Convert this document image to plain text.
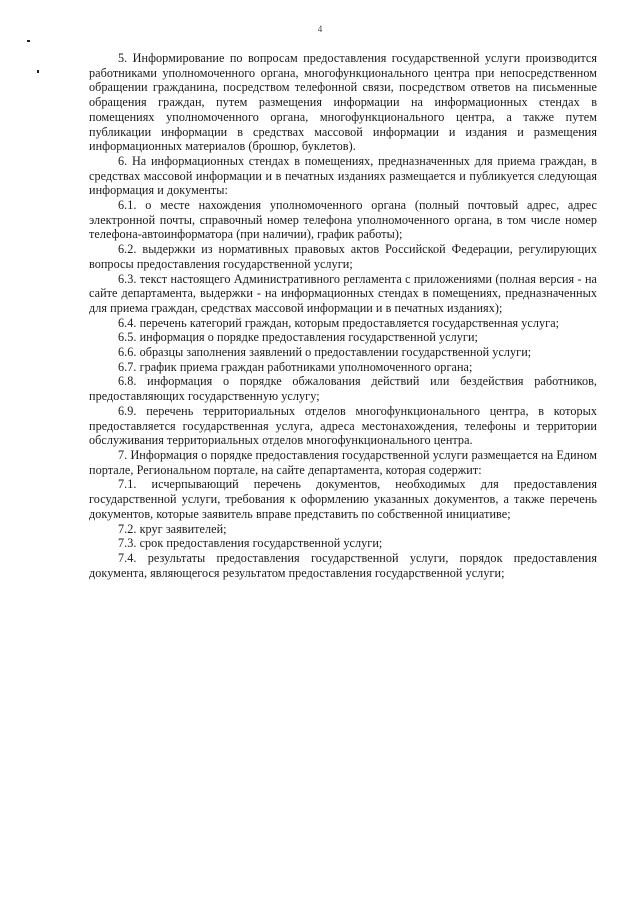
4

5. Информирование по вопросам предоставления государственной услуги производится работниками уполномоченного органа, многофункционального центра при непосредственном обращении гражданина, посредством телефонной связи, посредством ответов на письменные обращения граждан, путем размещения информации на информационных стендах в помещениях уполномоченного органа, многофункционального центра, а также путем публикации информации в средствах массовой информации и издания и размещения информационных материалов (брошюр, буклетов).

6. На информационных стендах в помещениях, предназначенных для приема граждан, в средствах массовой информации и в печатных изданиях размещается и публикуется следующая информация и документы:

6.1. о месте нахождения уполномоченного органа (полный почтовый адрес, адрес электронной почты, справочный номер телефона уполномоченного органа, в том числе номер телефона-автоинформатора (при наличии), график работы);

6.2. выдержки из нормативных правовых актов Российской Федерации, регулирующих вопросы предоставления государственной услуги;

6.3. текст настоящего Административного регламента с приложениями (полная версия - на сайте департамента, выдержки - на информационных стендах в помещениях, предназначенных для приема граждан, средствах массовой информации и в печатных изданиях);

6.4. перечень категорий граждан, которым предоставляется государственная услуга;

6.5. информация о порядке предоставления государственной услуги;

6.6. образцы заполнения заявлений о предоставлении государственной услуги;

6.7. график приема граждан работниками уполномоченного органа;

6.8. информация о порядке обжалования действий или бездействия работников, предоставляющих государственную услугу;

6.9. перечень территориальных отделов многофункционального центра, в которых предоставляется государственная услуга, адреса местонахождения, телефоны и территории обслуживания территориальных отделов многофункционального центра.

7. Информация о порядке предоставления государственной услуги размещается на Едином портале, Региональном портале, на сайте департамента, которая содержит:

7.1. исчерпывающий перечень документов, необходимых для предоставления государственной услуги, требования к оформлению указанных документов, а также перечень документов, которые заявитель вправе представить по собственной инициативе;

7.2. круг заявителей;

7.3. срок предоставления государственной услуги;

7.4. результаты предоставления государственной услуги, порядок предоставления документа, являющегося результатом предоставления государственной услуги;
